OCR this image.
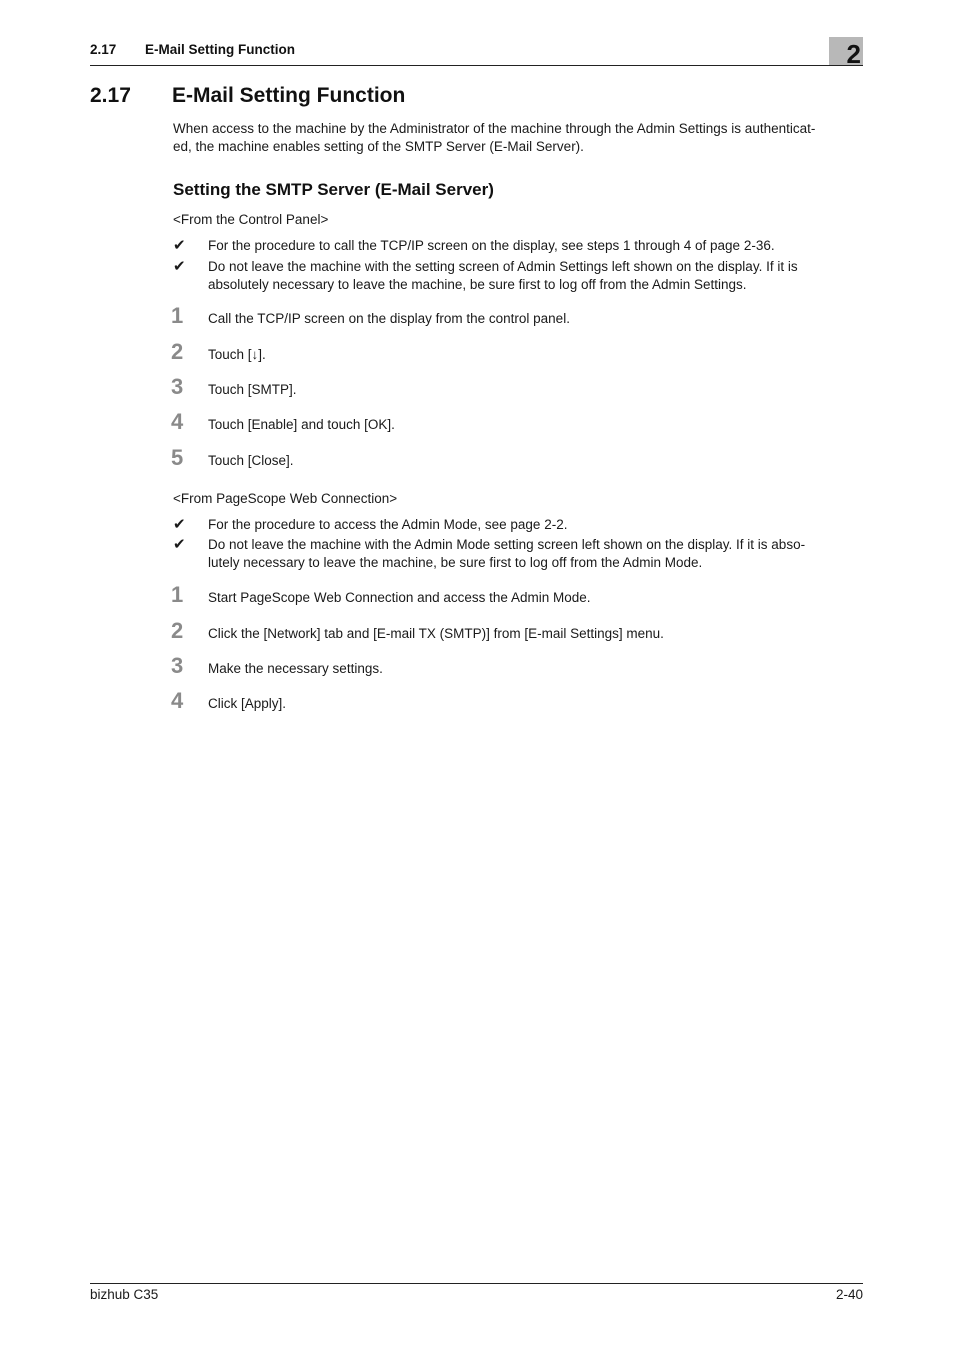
2.17 E-Mail Setting Function	2
2.17 E-Mail Setting Function

When access to the machine by the Administrator of the machine through the Admin Settings is authenticat-
ed, the machine enables setting of the SMTP Server (E-Mail Server).

Setting the SMTP Server (E-Mail Server)

<From the Control Panel>

✔ For the procedure to call the TCP/IP screen on the display, see steps 1 through 4 of page 2-36.
✔ Do not leave the machine with the setting screen of Admin Settings left shown on the display. If it is
absolutely necessary to leave the machine, be sure first to log off from the Admin Settings.
1 Call the TCP/IP screen on the display from the control panel.
2 Touch [↓].
3 Touch [SMTP].
4 Touch [Enable] and touch [OK].
5 Touch [Close].

<From PageScope Web Connection>

✔ For the procedure to access the Admin Mode, see page 2-2.
✔ Do not leave the machine with the Admin Mode setting screen left shown on the display. If it is abso-
lutely necessary to leave the machine, be sure first to log off from the Admin Mode.
1 Start PageScope Web Connection and access the Admin Mode.
2 Click the [Network] tab and [E-mail TX (SMTP)] from [E-mail Settings] menu.
3 Make the necessary settings.
4 Click [Apply].
bizhub C35	2-40
